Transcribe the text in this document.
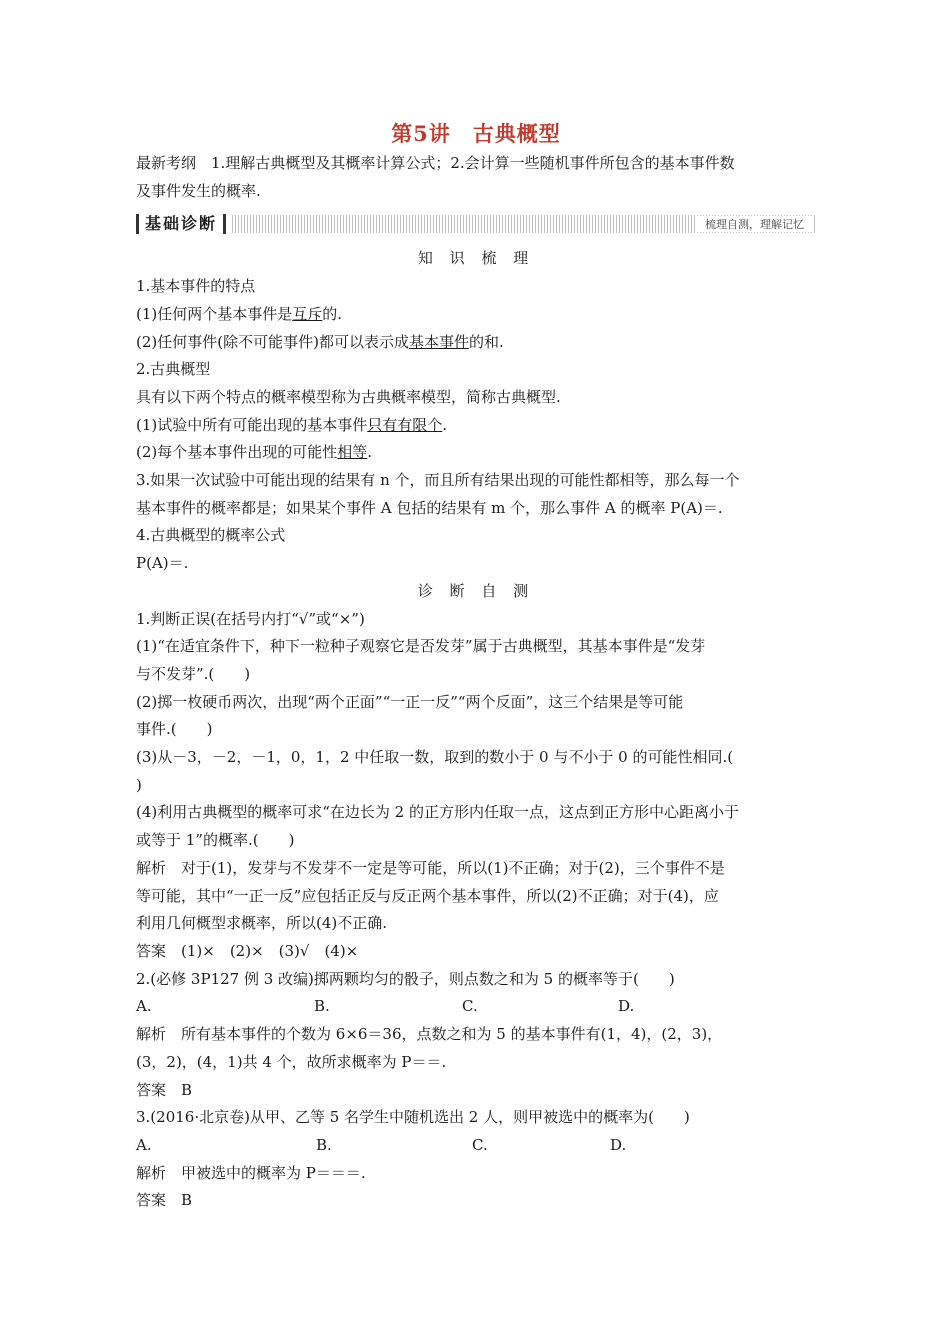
第5讲　古典概型
最新考纲　1.理解古典概型及其概率计算公式；2.会计算一些随机事件所包含的基本事件数
及事件发生的概率.
基础诊断	梳理自测，理解记忆
知 识 梳 理
1.基本事件的特点
(1)任何两个基本事件是互斥的.
(2)任何事件(除不可能事件)都可以表示成基本事件的和.
2.古典概型
具有以下两个特点的概率模型称为古典概率模型，简称古典概型.
(1)试验中所有可能出现的基本事件只有有限个.
(2)每个基本事件出现的可能性相等.
3.如果一次试验中可能出现的结果有 n 个，而且所有结果出现的可能性都相等，那么每一个
基本事件的概率都是；如果某个事件 A 包括的结果有 m 个，那么事件 A 的概率 P(A)＝.
4.古典概型的概率公式
P(A)＝.
诊 断 自 测
1.判断正误(在括号内打“√”或“×”)
(1)“在适宜条件下，种下一粒种子观察它是否发芽”属于古典概型，其基本事件是“发芽
与不发芽”.(　　)
(2)掷一枚硬币两次，出现“两个正面”“一正一反”“两个反面”，这三个结果是等可能
事件.(　　)
(3)从－3，－2，－1，0，1，2 中任取一数，取到的数小于 0 与不小于 0 的可能性相同.(
)
(4)利用古典概型的概率可求“在边长为 2 的正方形内任取一点，这点到正方形中心距离小于
或等于 1”的概率.(　　)
解析　对于(1)，发芽与不发芽不一定是等可能，所以(1)不正确；对于(2)，三个事件不是
等可能，其中“一正一反”应包括正反与反正两个基本事件，所以(2)不正确；对于(4)，应
利用几何概型求概率，所以(4)不正确.
答案　(1)×　(2)×　(3)√　(4)×
2.(必修 3P127 例 3 改编)掷两颗均匀的骰子，则点数之和为 5 的概率等于(　　)
A.	B.	C.	D.
解析　所有基本事件的个数为 6×6＝36，点数之和为 5 的基本事件有(1，4)，(2，3)，
(3，2)，(4，1)共 4 个，故所求概率为 P＝＝.
答案　B
3.(2016·北京卷)从甲、乙等 5 名学生中随机选出 2 人，则甲被选中的概率为(　　)
A.	B.	C.	D.
解析　甲被选中的概率为 P＝＝＝.
答案　B
